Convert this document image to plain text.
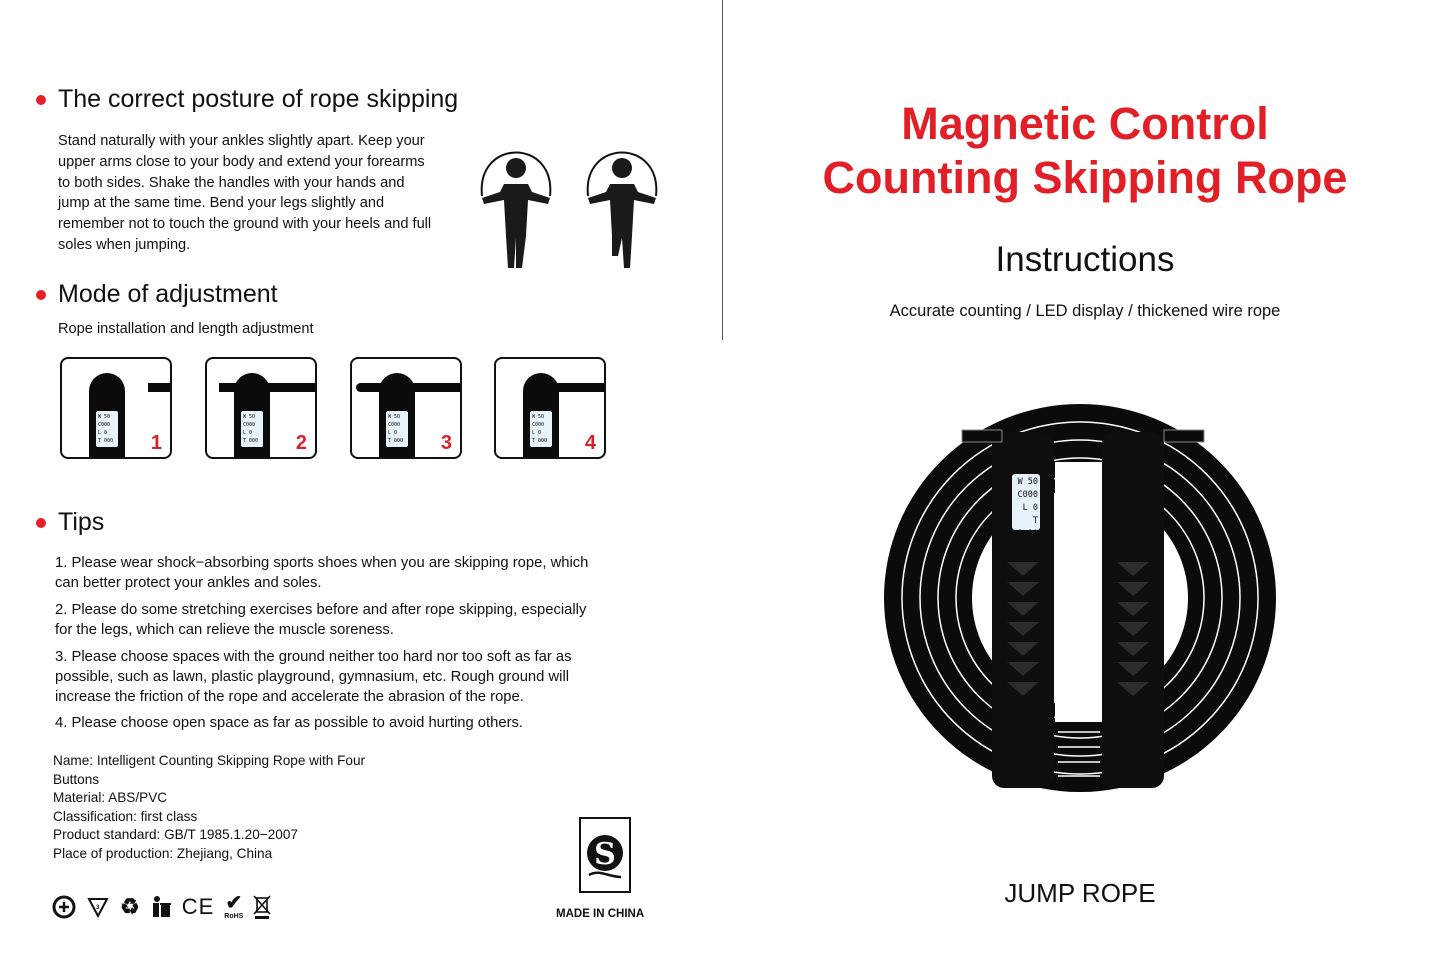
The correct posture of rope skipping
Stand naturally with your ankles slightly apart. Keep your
upper arms close to your body and extend your forearms
to both sides. Shake the handles with your hands and
jump at the same time. Bend your legs slightly and
remember not to touch the ground with your heels and full
soles when jumping.
Mode of adjustment
Rope installation and length adjustment
W 50
C000
L 0
T 000 1
W 50
C000
L 0
T 000 2
W 50
C000
L 0
T 000 3
W 50
C000
L 0
T 000 4
Tips
1. Please wear shock−absorbing sports shoes when you are skipping rope, which
can better protect your ankles and soles.
2. Please do some stretching exercises before and after rope skipping, especially
for the legs, which can relieve the muscle soreness.
3. Please choose spaces with the ground neither too hard nor too soft as far as
possible, such as lawn, plastic playground, gymnasium, etc. Rough ground will
increase the friction of the rope and accelerate the abrasion of the rope.
4. Please choose open space as far as possible to avoid hurting others.
Name: Intelligent Counting Skipping Rope with Four
Buttons
Material: ABS/PVC
Classification: first class
Product standard: GB/T 1985.1.20−2007
Place of production: Zhejiang, China
3 ♻ CE ✔
RoHS
S
MADE IN CHINA
Magnetic Control
Counting Skipping Rope
Instructions
Accurate counting / LED display / thickened wire rope
W 50
C000
L 0
T 0:00
JUMP ROPE
